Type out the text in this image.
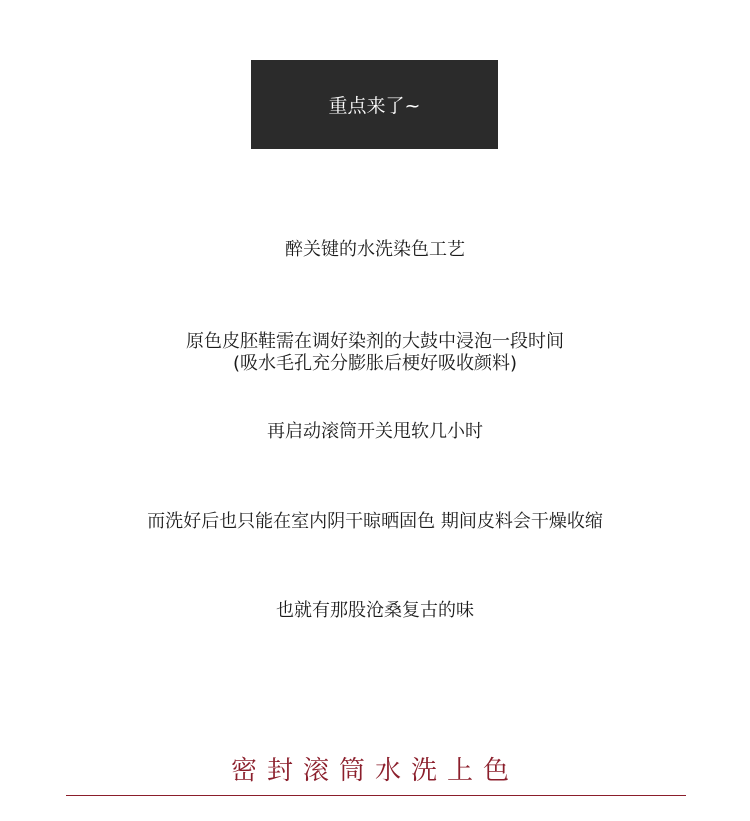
重点来了~
醉关键的水洗染色工艺
原色皮胚鞋需在调好染剂的大鼓中浸泡一段时间
(吸水毛孔充分膨胀后梗好吸收颜料)
再启动滚筒开关甩软几小时
而洗好后也只能在室内阴干晾晒固色 期间皮料会干燥收缩
也就有那股沧桑复古的味
密封滚筒水洗上色
